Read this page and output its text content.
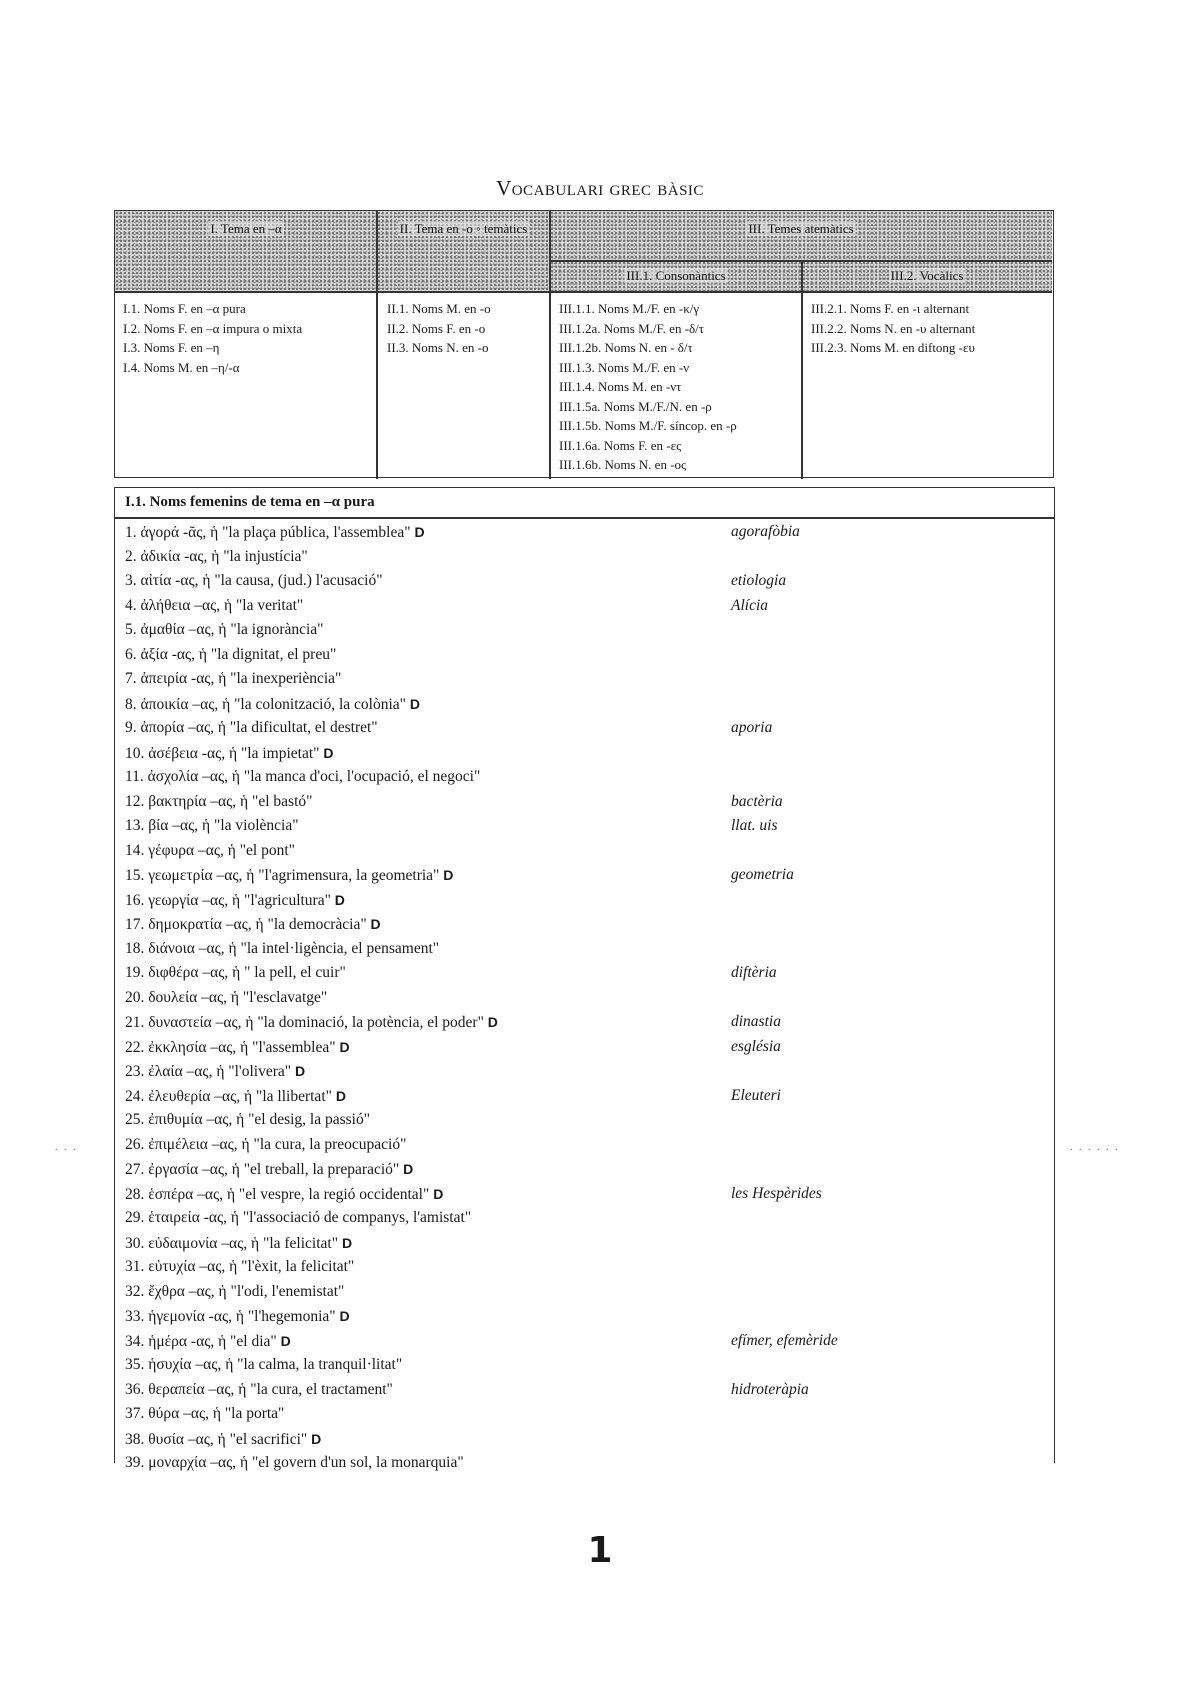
Vocabulari grec bàsic
I. Tema en –α	II. Tema en -o ◦ temàtics	III. Temes atemàtics
III.1. Consonàntics	III.2. Vocàlics
I.1. Noms F. en –α pura
I.2. Noms F. en –α impura o mixta
I.3. Noms F. en –η
I.4. Noms M. en –η/-α
II.1. Noms M. en -o
II.2. Noms F. en -o
II.3. Noms N. en -o
III.1.1. Noms M./F. en -κ/γ
III.1.2a. Noms M./F. en -δ/τ
III.1.2b. Noms N. en - δ/τ
III.1.3. Noms M./F. en -ν
III.1.4. Noms M. en -ντ
III.1.5a. Noms M./F./N. en -ρ
III.1.5b. Noms M./F. síncop. en -ρ
III.1.6a. Noms F. en -ες
III.1.6b. Noms N. en -ος
III.2.1. Noms F. en -ι alternant
III.2.2. Noms N. en -υ alternant
III.2.3. Noms M. en diftong -ευ
I.1. Noms femenins de tema en –α pura
1. ἀγορά -ᾶς, ἡ "la plaça pública, l'assemblea" D	agorafòbia
2. ἀδικία -ας, ἡ "la injustícia"
3. αἰτία -ας, ἡ "la causa, (jud.) l'acusació"	etiologia
4. ἀλήθεια –ας, ἡ "la veritat"	Alícia
5. ἀμαθία –ας, ἡ "la ignorància"
6. ἀξία -ας, ἡ "la dignitat, el preu"
7. ἀπειρία -ας, ἡ "la inexperiència"
8. ἀποικία –ας, ἡ "la colonització, la colònia" D
9. ἀπορία –ας, ἡ "la dificultat, el destret"	aporia
10. ἀσέβεια -ας, ἡ "la impietat" D
11. ἀσχολία –ας, ἡ "la manca d'oci, l'ocupació, el negoci"
12. βακτηρία –ας, ἡ "el bastó"	bactèria
13. βία –ας, ἡ "la violència"	llat. uis
14. γέφυρα –ας, ἡ "el pont"
15. γεωμετρία –ας, ἡ "l'agrimensura, la geometria" D	geometria
16. γεωργία –ας, ἡ "l'agricultura" D
17. δημοκρατία –ας, ἡ "la democràcia" D
18. διάνοια –ας, ἡ "la intel·ligència, el pensament"
19. διφθέρα –ας, ἡ " la pell, el cuir"	diftèria
20. δουλεία –ας, ἡ "l'esclavatge"
21. δυναστεία –ας, ἡ "la dominació, la potència, el poder" D	dinastia
22. ἐκκλησία –ας, ἡ "l'assemblea" D	església
23. ἐλαία –ας, ἡ "l'olivera" D
24. ἐλευθερία –ας, ἡ "la llibertat" D	Eleuteri
25. ἐπιθυμία –ας, ἡ "el desig, la passió"
26. ἐπιμέλεια –ας, ἡ "la cura, la preocupació"
27. ἐργασία –ας, ἡ "el treball, la preparació" D
28. ἑσπέρα –ας, ἡ "el vespre, la regió occidental" D	les Hespèrides
29. ἑταιρεία -ας, ἡ "l'associació de companys, l'amistat"
30. εὐδαιμονία –ας, ἡ "la felicitat" D
31. εὐτυχία –ας, ἡ "l'èxit, la felicitat"
32. ἔχθρα –ας, ἡ "l'odi, l'enemistat"
33. ἡγεμονία -ας, ἡ "l'hegemonia" D
34. ἡμέρα -ας, ἡ "el dia" D	efímer, efemèride
35. ἡσυχία –ας, ἡ "la calma, la tranquil·litat"
36. θεραπεία –ας, ἡ "la cura, el tractament"	hidroteràpia
37. θύρα –ας, ἡ "la porta"
38. θυσία –ας, ἡ "el sacrifici" D
39. μοναρχία –ας, ἡ "el govern d'un sol, la monarquia"
. . .	. . . . . .
1
